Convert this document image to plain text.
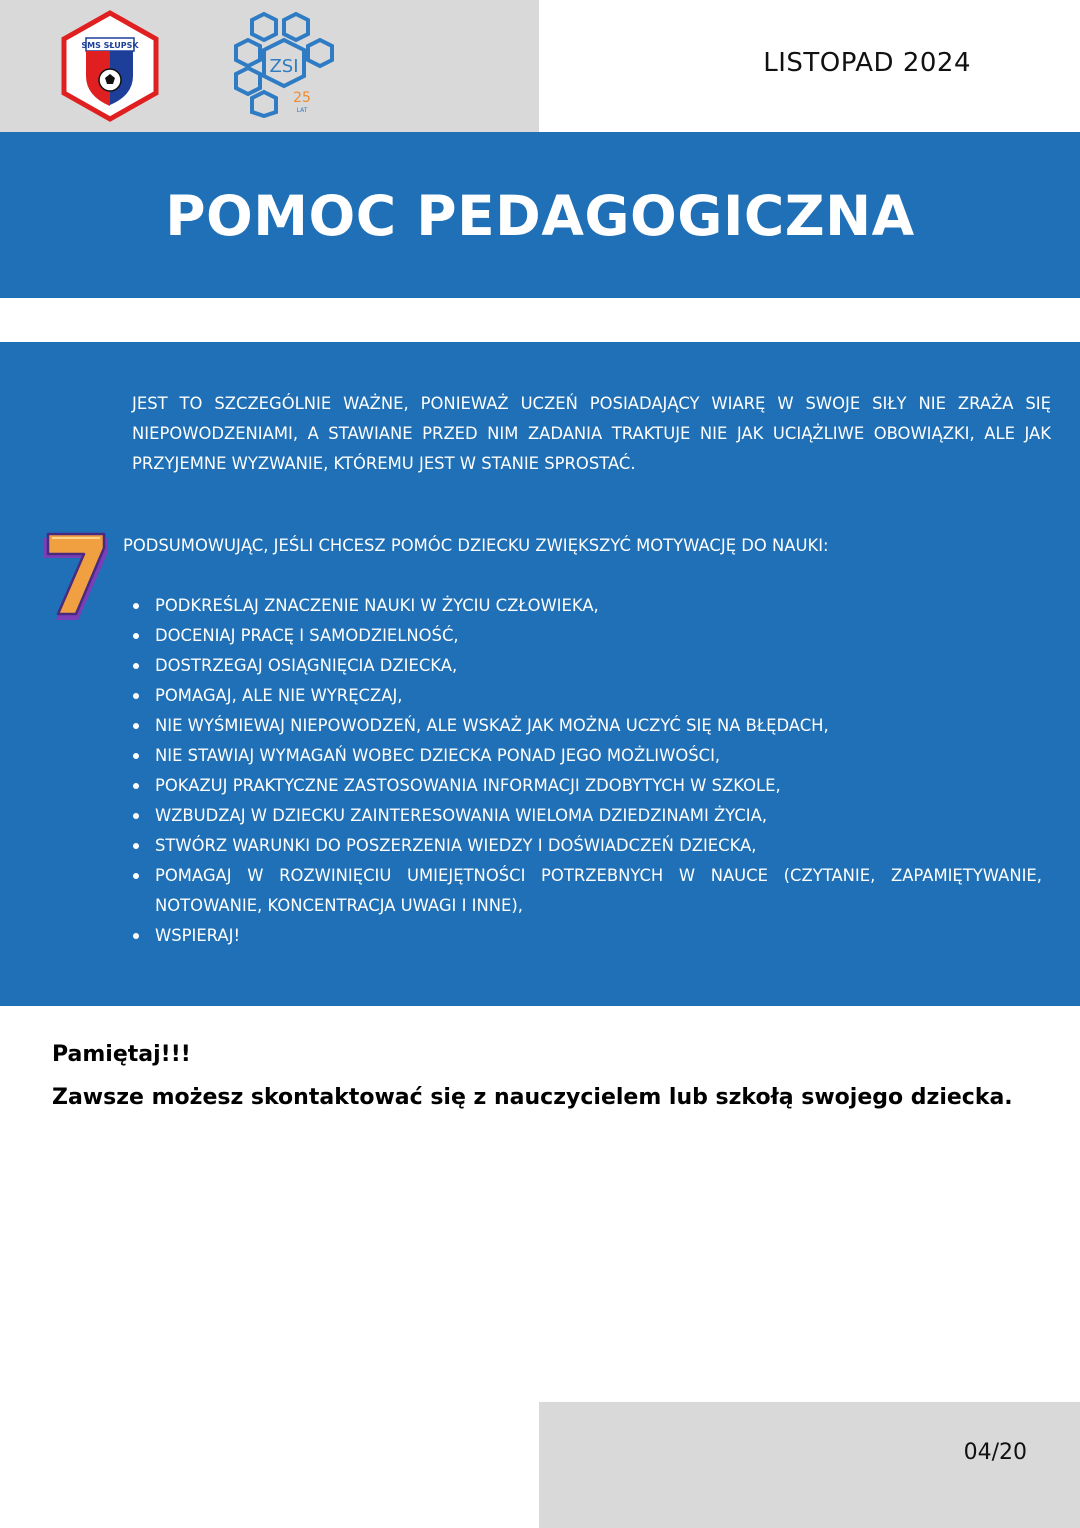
SMS SŁUPSK
ZSI
25
LAT
LISTOPAD 2024
POMOC PEDAGOGICZNA

JEST TO SZCZEGÓLNIE WAŻNE, PONIEWAŻ UCZEŃ POSIADAJĄCY WIARĘ W SWOJE SIŁY NIE ZRAŻA SIĘ NIEPOWODZENIAMI, A STAWIANE PRZED NIM ZADANIA TRAKTUJE NIE JAK UCIĄŻLIWE OBOWIĄZKI, ALE JAK PRZYJEMNE WYZWANIE, KTÓREMU JEST W STANIE SPROSTAĆ.

PODSUMOWUJĄC, JEŚLI CHCESZ POMÓC DZIECKU ZWIĘKSZYĆ MOTYWACJĘ DO NAUKI:

PODKREŚLAJ ZNACZENIE NAUKI W ŻYCIU CZŁOWIEKA,
DOCENIAJ PRACĘ I SAMODZIELNOŚĆ,
DOSTRZEGAJ OSIĄGNIĘCIA DZIECKA,
POMAGAJ, ALE NIE WYRĘCZAJ,
NIE WYŚMIEWAJ NIEPOWODZEŃ, ALE WSKAŻ JAK MOŻNA UCZYĆ SIĘ NA BŁĘDACH,
NIE STAWIAJ WYMAGAŃ WOBEC DZIECKA PONAD JEGO MOŻLIWOŚCI,
POKAZUJ PRAKTYCZNE ZASTOSOWANIA INFORMACJI ZDOBYTYCH W SZKOLE,
WZBUDZAJ W DZIECKU ZAINTERESOWANIA WIELOMA DZIEDZINAMI ŻYCIA,
STWÓRZ WARUNKI DO POSZERZENIA WIEDZY I DOŚWIADCZEŃ DZIECKA,
POMAGAJ W ROZWINIĘCIU UMIEJĘTNOŚCI POTRZEBNYCH W NAUCE (CZYTANIE, ZAPAMIĘTYWANIE, NOTOWANIE, KONCENTRACJA UWAGI I INNE),
WSPIERAJ!

Pamiętaj!!!

Zawsze możesz skontaktować się z nauczycielem lub szkołą swojego dziecka.

04/20
